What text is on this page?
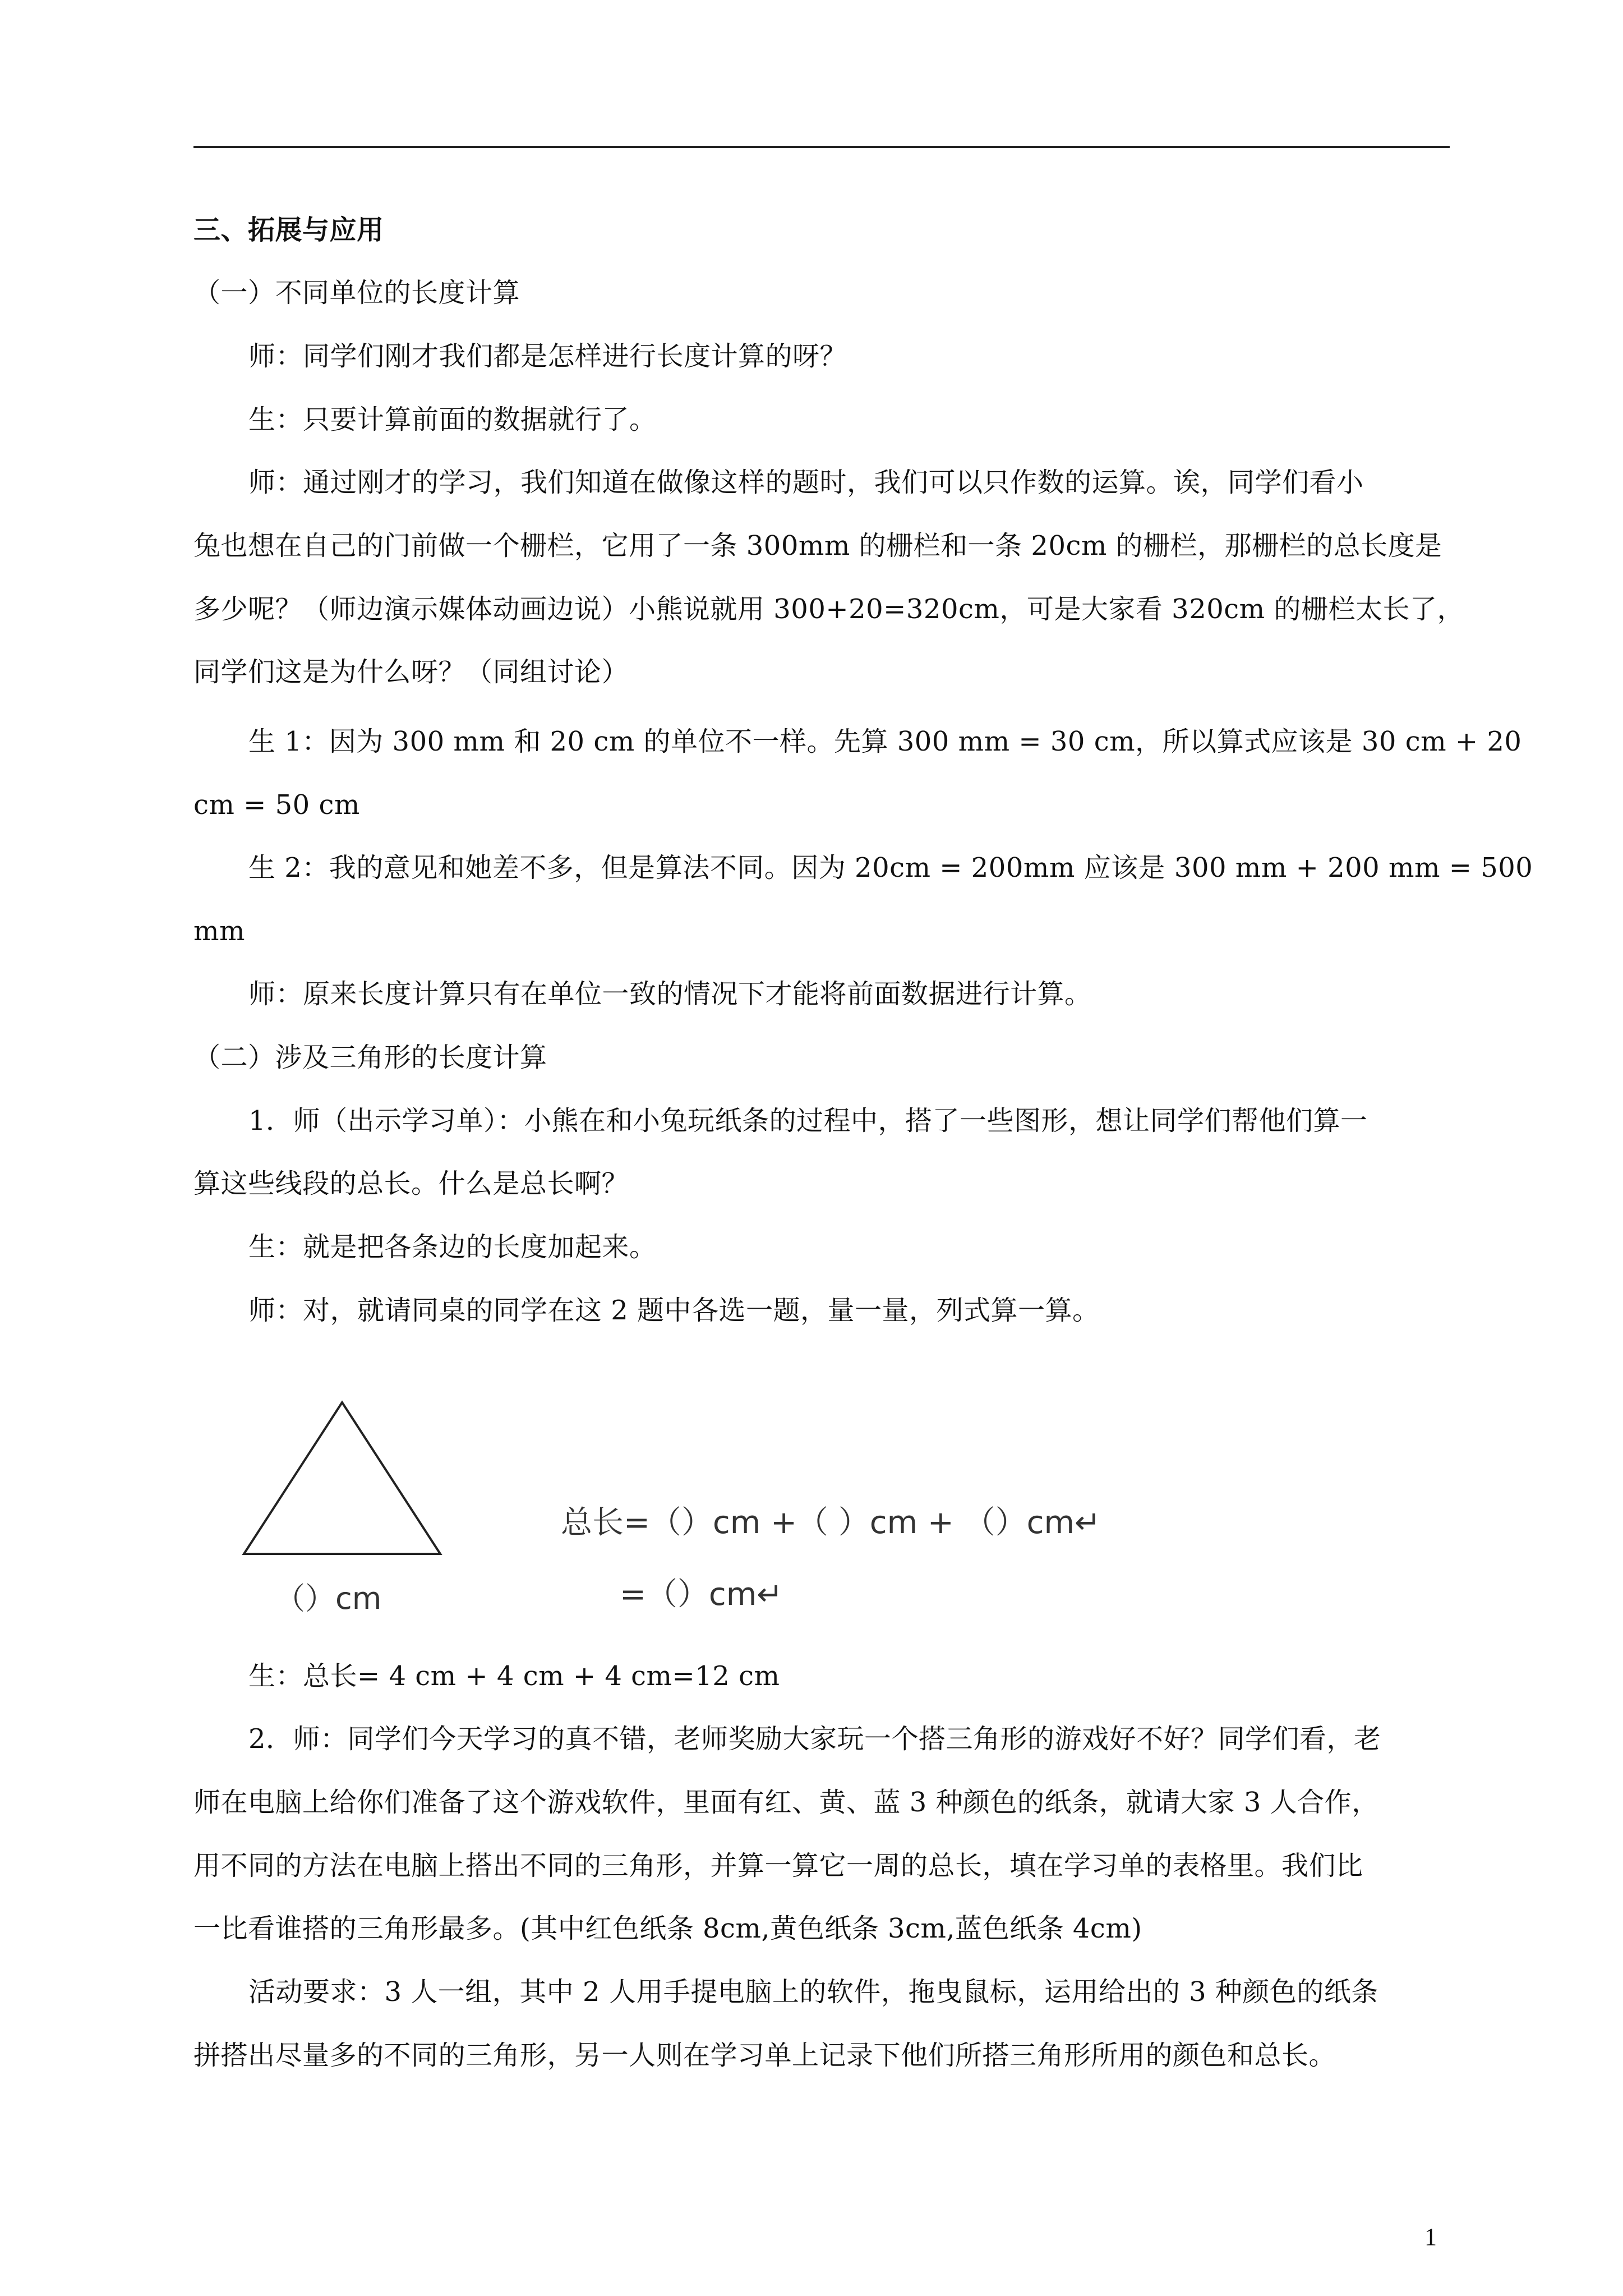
三、拓展与应用

（一）不同单位的长度计算

师：同学们刚才我们都是怎样进行长度计算的呀？

生：只要计算前面的数据就行了。

师：通过刚才的学习，我们知道在做像这样的题时，我们可以只作数的运算。诶，同学们看小

兔也想在自己的门前做一个栅栏，它用了一条 300mm 的栅栏和一条 20cm 的栅栏，那栅栏的总长度是

多少呢？（师边演示媒体动画边说）小熊说就用 300+20=320cm，可是大家看 320cm 的栅栏太长了，

同学们这是为什么呀？（同组讨论）

生 1：因为 300 mm 和 20 cm 的单位不一样。先算 300 mm = 30 cm，所以算式应该是 30 cm + 20

cm = 50 cm

生 2：我的意见和她差不多，但是算法不同。因为 20cm = 200mm 应该是 300 mm + 200 mm = 500

mm

师：原来长度计算只有在单位一致的情况下才能将前面数据进行计算。

（二）涉及三角形的长度计算

1．师（出示学习单）：小熊在和小兔玩纸条的过程中，搭了一些图形，想让同学们帮他们算一

算这些线段的总长。什么是总长啊？

生：就是把各条边的长度加起来。

师：对，就请同桌的同学在这 2 题中各选一题，量一量，列式算一算。

（）cm
总长=（）cm +（ ）cm + （）cm↵
=（）cm↵

生：总长= 4 cm + 4 cm + 4 cm=12 cm

2．师：同学们今天学习的真不错，老师奖励大家玩一个搭三角形的游戏好不好？同学们看，老

师在电脑上给你们准备了这个游戏软件，里面有红、黄、蓝 3 种颜色的纸条，就请大家 3 人合作，

用不同的方法在电脑上搭出不同的三角形，并算一算它一周的总长，填在学习单的表格里。我们比

一比看谁搭的三角形最多。(其中红色纸条 8cm,黄色纸条 3cm,蓝色纸条 4cm)

活动要求：3 人一组，其中 2 人用手提电脑上的软件，拖曳鼠标，运用给出的 3 种颜色的纸条

拼搭出尽量多的不同的三角形，另一人则在学习单上记录下他们所搭三角形所用的颜色和总长。

1
